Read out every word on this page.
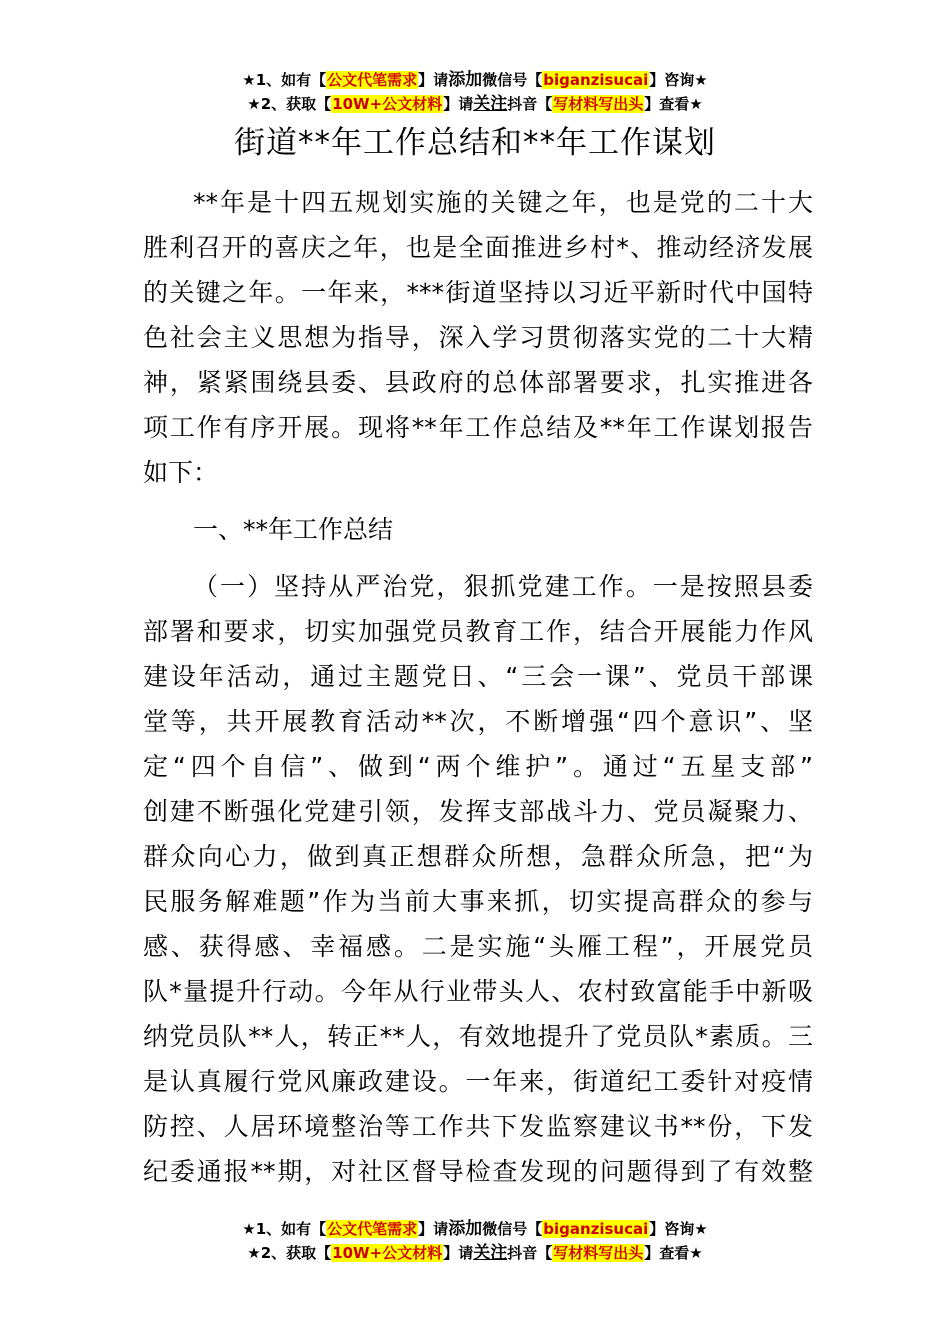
★1、如有【公文代笔需求】请添加微信号【biganzisucai】咨询★
★2、获取【10W+公文材料】请关注抖音【写材料写出头】查看★
街道**年工作总结和**年工作谋划

**年是十四五规划实施的关键之年，也是党的二十大
胜利召开的喜庆之年，也是全面推进乡村*、推动经济发展
的关键之年。一年来，***街道坚持以习近平新时代中国特
色社会主义思想为指导，深入学习贯彻落实党的二十大精
神，紧紧围绕县委、县政府的总体部署要求，扎实推进各
项工作有序开展。现将**年工作总结及**年工作谋划报告
如下：

一、**年工作总结

（一）坚持从严治党，狠抓党建工作。一是按照县委
部署和要求，切实加强党员教育工作，结合开展能力作风
建设年活动，通过主题党日、“三会一课”、党员干部课
堂等，共开展教育活动**次，不断增强“四个意识”、坚
定“四个自信”、做到“两个维护”。通过“五星支部”
创建不断强化党建引领，发挥支部战斗力、党员凝聚力、
群众向心力，做到真正想群众所想，急群众所急，把“为
民服务解难题”作为当前大事来抓，切实提高群众的参与
感、获得感、幸福感。二是实施“头雁工程”，开展党员
队*量提升行动。今年从行业带头人、农村致富能手中新吸
纳党员队**人，转正**人，有效地提升了党员队*素质。三
是认真履行党风廉政建设。一年来，街道纪工委针对疫情
防控、人居环境整治等工作共下发监察建议书**份，下发
纪委通报**期，对社区督导检查发现的问题得到了有效整

★1、如有【公文代笔需求】请添加微信号【biganzisucai】咨询★
★2、获取【10W+公文材料】请关注抖音【写材料写出头】查看★
